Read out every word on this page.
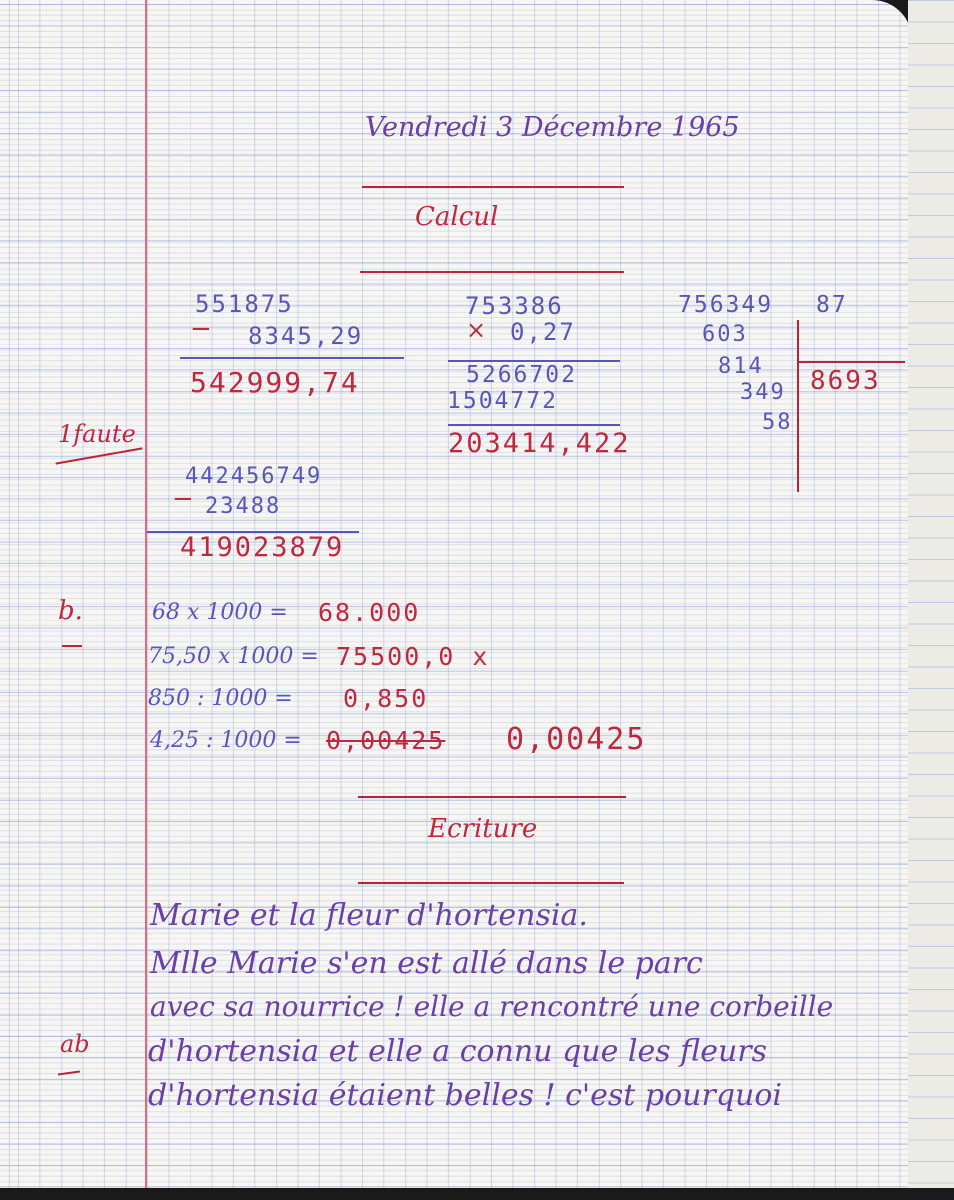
Vendredi 3 Décembre 1965
Calcul
551875
− 8345,29
542999,74
753386
× 0,27
5266702
1504772
203414,422
756349 87
603
814
349
58
8693
1faute
442456749
− 23488
419023879
b.	68 x 1000 = 68.000
75,50 x 1000 = 75500,0 x
850 : 1000 = 0,850
4,25 : 1000 = 0,00425 0,00425
Ecriture
Marie et la fleur d'hortensia.
Mlle Marie s'en est allé dans le parc
avec sa nourrice ! elle a rencontré une corbeille
d'hortensia et elle a connu que les fleurs
d'hortensia étaient belles ! c'est pourquoi
ab
